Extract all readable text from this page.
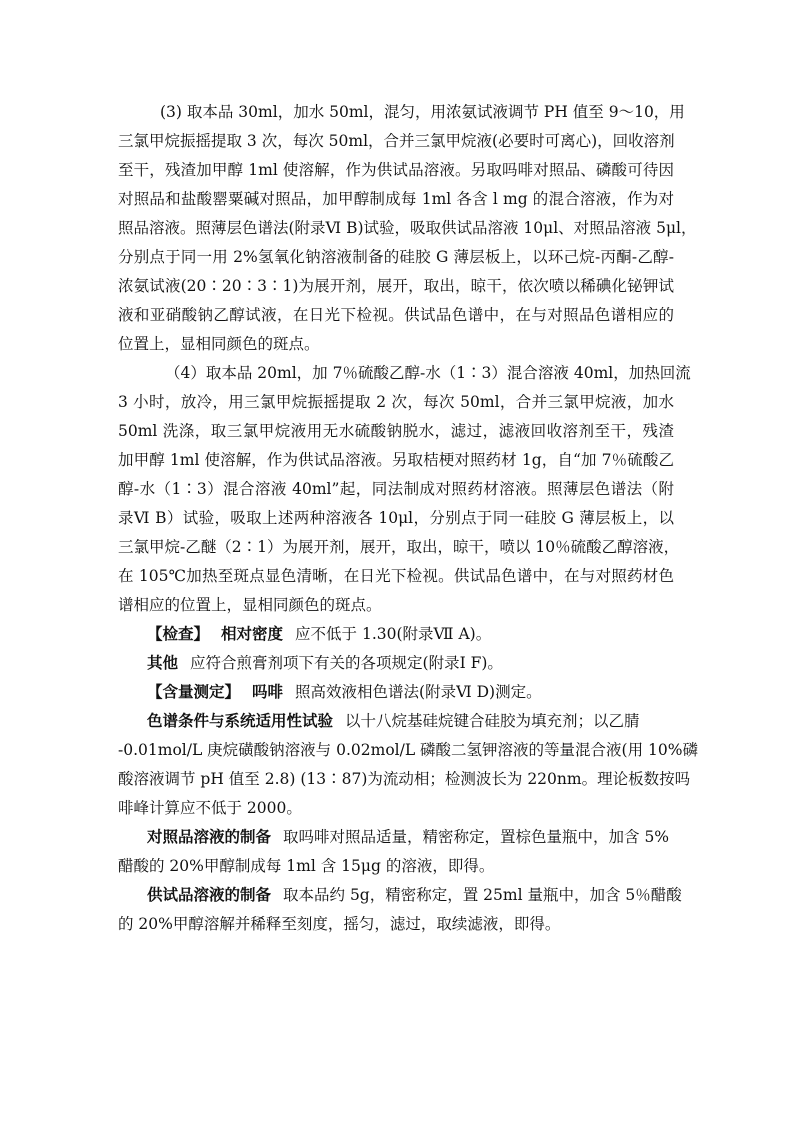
(3) 取本品 30ml，加水 50ml，混匀，用浓氨试液调节 PH 值至 9～10，用
三氯甲烷振摇提取 3 次，每次 50ml，合并三氯甲烷液(必要时可离心)，回收溶剂
至干，残渣加甲醇 1ml 使溶解，作为供试品溶液。另取吗啡对照品、磷酸可待因
对照品和盐酸罂粟碱对照品，加甲醇制成每 1ml 各含 l mg 的混合溶液，作为对
照品溶液。照薄层色谱法(附录Ⅵ B)试验，吸取供试品溶液 10μl、对照品溶液 5μl，
分别点于同一用 2%氢氧化钠溶液制备的硅胶 G 薄层板上，以环己烷-丙酮-乙醇-
浓氨试液(20∶20∶3∶1)为展开剂，展开，取出，晾干，依次喷以稀碘化铋钾试
液和亚硝酸钠乙醇试液，在日光下检视。供试品色谱中，在与对照品色谱相应的
位置上，显相同颜色的斑点。
（4）取本品 20ml，加 7％硫酸乙醇-水（1∶3）混合溶液 40ml，加热回流
3 小时，放冷，用三氯甲烷振摇提取 2 次，每次 50ml，合并三氯甲烷液，加水
50ml 洗涤，取三氯甲烷液用无水硫酸钠脱水，滤过，滤液回收溶剂至干，残渣
加甲醇 1ml 使溶解，作为供试品溶液。另取桔梗对照药材 1g，自“加 7％硫酸乙
醇-水（1∶3）混合溶液 40ml”起，同法制成对照药材溶液。照薄层色谱法（附
录Ⅵ B）试验，吸取上述两种溶液各 10μl，分别点于同一硅胶 G 薄层板上，以
三氯甲烷-乙醚（2∶1）为展开剂，展开，取出，晾干，喷以 10％硫酸乙醇溶液，
在 105℃加热至斑点显色清晰，在日光下检视。供试品色谱中，在与对照药材色
谱相应的位置上，显相同颜色的斑点。
【检查】 相对密度 应不低于 1.30(附录Ⅶ A)。
其他 应符合煎膏剂项下有关的各项规定(附录Ⅰ F)。
【含量测定】 吗啡 照高效液相色谱法(附录Ⅵ D)测定。
色谱条件与系统适用性试验 以十八烷基硅烷键合硅胶为填充剂；以乙腈
-0.01mol/L 庚烷磺酸钠溶液与 0.02mol/L 磷酸二氢钾溶液的等量混合液(用 10%磷
酸溶液调节 pH 值至 2.8) (13∶87)为流动相；检测波长为 220nm。理论板数按吗
啡峰计算应不低于 2000。
对照品溶液的制备 取吗啡对照品适量，精密称定，置棕色量瓶中，加含 5%
醋酸的 20%甲醇制成每 1ml 含 15μg 的溶液，即得。
供试品溶液的制备 取本品约 5g，精密称定，置 25ml 量瓶中，加含 5％醋酸
的 20%甲醇溶解并稀释至刻度，摇匀，滤过，取续滤液，即得。
